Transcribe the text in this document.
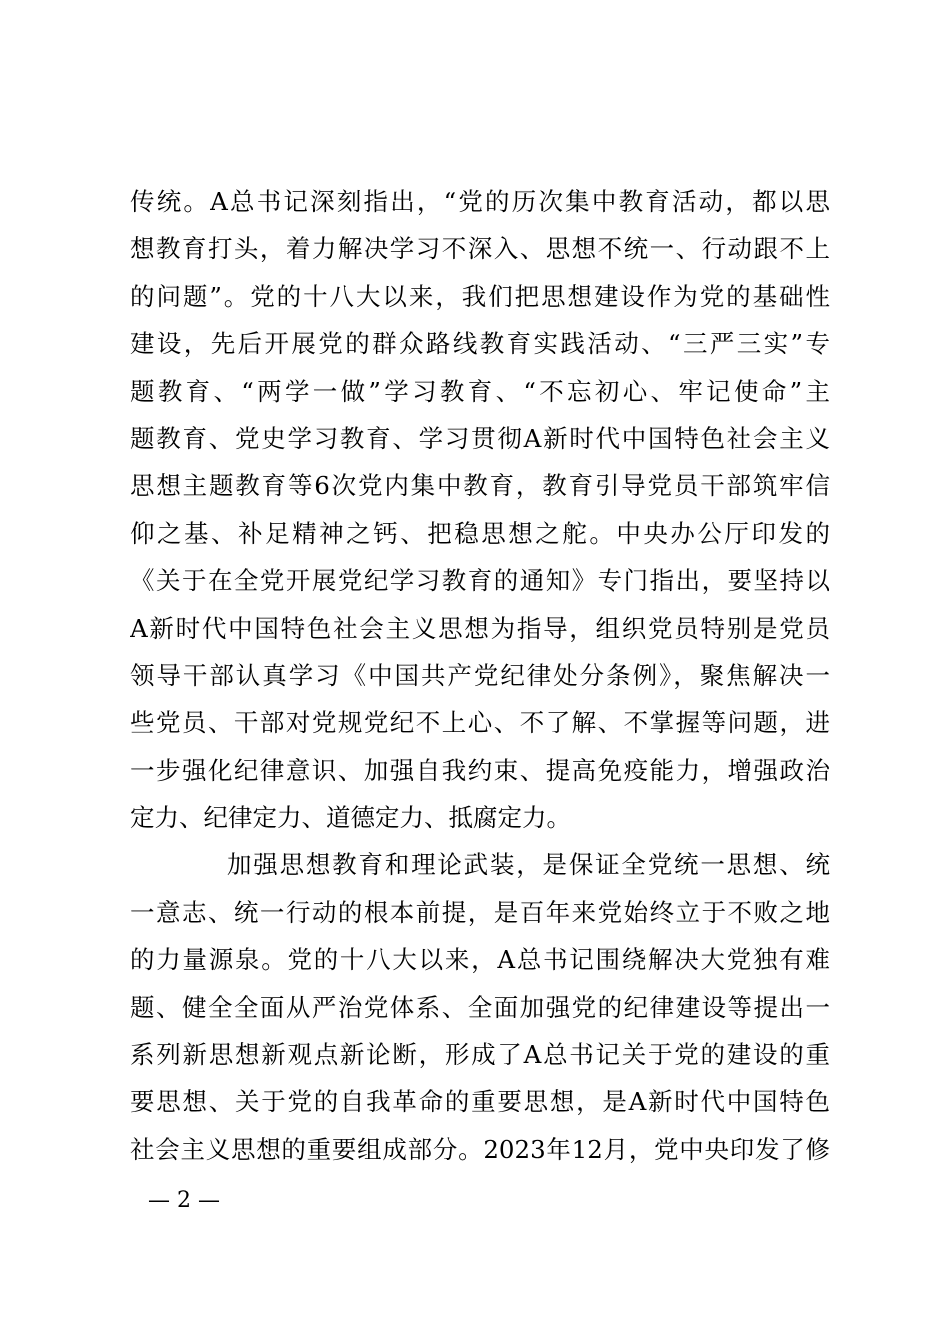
传统。A总书记深刻指出，“党的历次集中教育活动，都以思
想教育打头，着力解决学习不深入、思想不统一、行动跟不上
的问题”。党的十八大以来，我们把思想建设作为党的基础性
建设，先后开展党的群众路线教育实践活动、“三严三实”专
题教育、“两学一做”学习教育、“不忘初心、牢记使命”主
题教育、党史学习教育、学习贯彻A新时代中国特色社会主义
思想主题教育等6次党内集中教育，教育引导党员干部筑牢信
仰之基、补足精神之钙、把稳思想之舵。中央办公厅印发的
《关于在全党开展党纪学习教育的通知》专门指出，要坚持以
A新时代中国特色社会主义思想为指导，组织党员特别是党员
领导干部认真学习《中国共产党纪律处分条例》，聚焦解决一
些党员、干部对党规党纪不上心、不了解、不掌握等问题，进
一步强化纪律意识、加强自我约束、提高免疫能力，增强政治
定力、纪律定力、道德定力、抵腐定力。
加强思想教育和理论武装，是保证全党统一思想、统
一意志、统一行动的根本前提，是百年来党始终立于不败之地
的力量源泉。党的十八大以来，A总书记围绕解决大党独有难
题、健全全面从严治党体系、全面加强党的纪律建设等提出一
系列新思想新观点新论断，形成了A总书记关于党的建设的重
要思想、关于党的自我革命的重要思想，是A新时代中国特色
社会主义思想的重要组成部分。2023年12月，党中央印发了修
— 2 —
